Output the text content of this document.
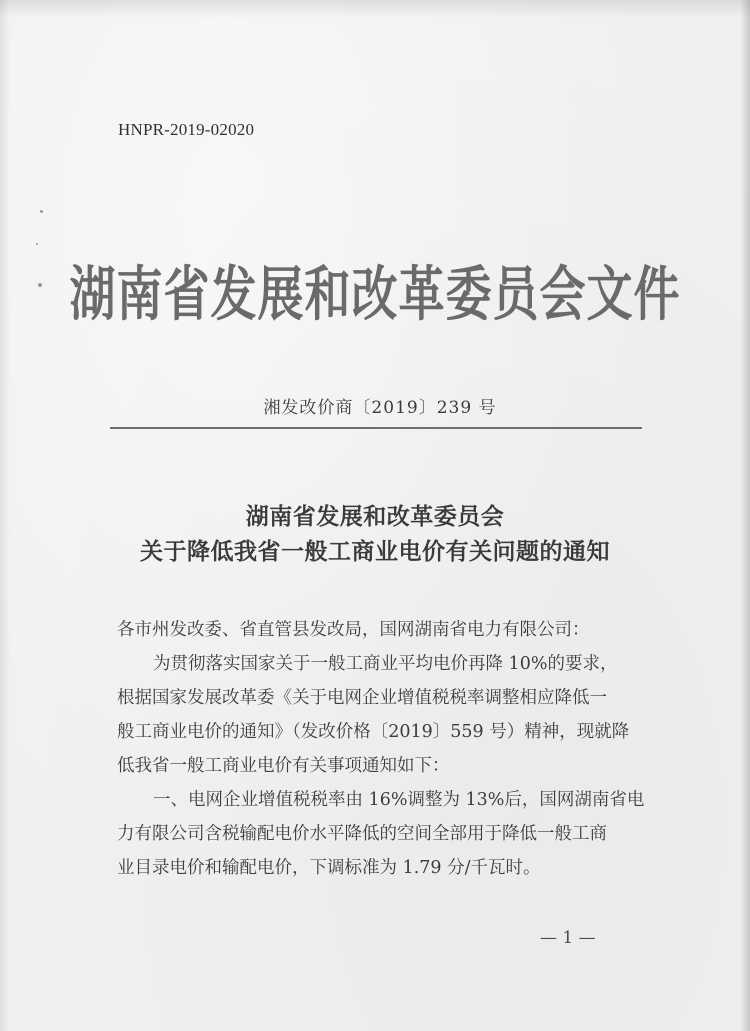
HNPR-2019-02020
湖南省发展和改革委员会文件
湘发改价商〔2019〕239 号
湖南省发展和改革委员会
关于降低我省一般工商业电价有关问题的通知
各市州发改委、省直管县发改局，国网湖南省电力有限公司：
为贯彻落实国家关于一般工商业平均电价再降 10%的要求，
根据国家发展改革委《关于电网企业增值税税率调整相应降低一
般工商业电价的通知》（发改价格〔2019〕559 号）精神，现就降
低我省一般工商业电价有关事项通知如下：
一、电网企业增值税税率由 16%调整为 13%后，国网湖南省电
力有限公司含税输配电价水平降低的空间全部用于降低一般工商
业目录电价和输配电价，下调标准为 1.79 分/千瓦时。
— 1 —
